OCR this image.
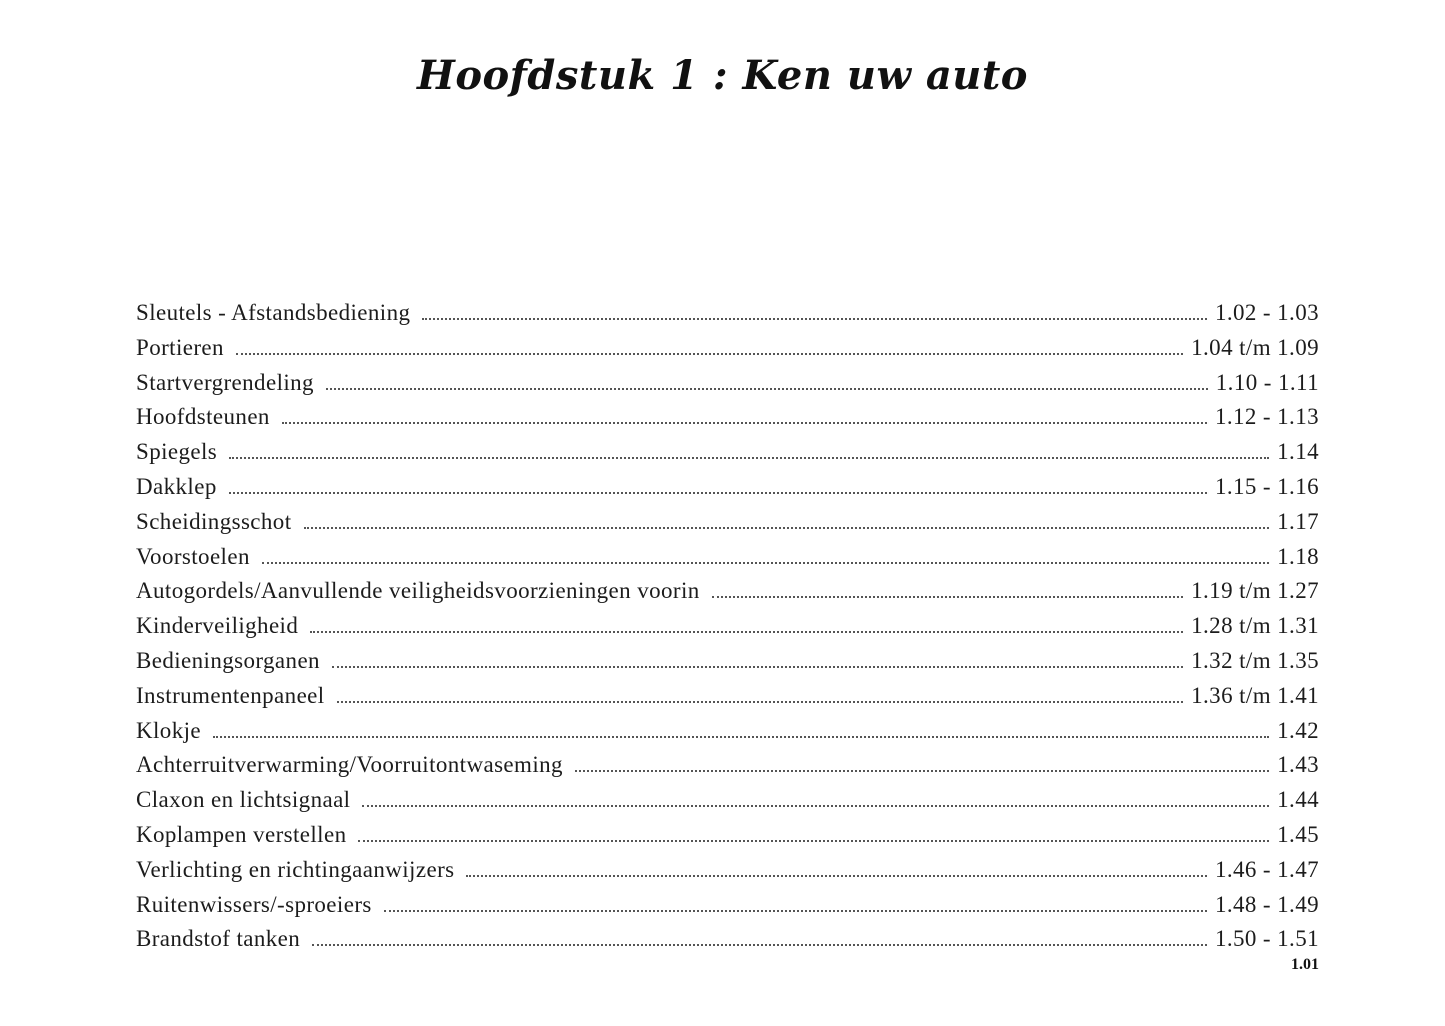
Hoofdstuk 1 : Ken uw auto
Sleutels - Afstandsbediening	1.02 - 1.03
Portieren	1.04 t/m 1.09
Startvergrendeling	1.10 - 1.11
Hoofdsteunen	1.12 - 1.13
Spiegels	1.14
Dakklep	1.15 - 1.16
Scheidingsschot	1.17
Voorstoelen	1.18
Autogordels/Aanvullende veiligheidsvoorzieningen voorin	1.19 t/m 1.27
Kinderveiligheid	1.28 t/m 1.31
Bedieningsorganen	1.32 t/m 1.35
Instrumentenpaneel	1.36 t/m 1.41
Klokje	1.42
Achterruitverwarming/Voorruitontwaseming	1.43
Claxon en lichtsignaal	1.44
Koplampen verstellen	1.45
Verlichting en richtingaanwijzers	1.46 - 1.47
Ruitenwissers/-sproeiers	1.48 - 1.49
Brandstof tanken	1.50 - 1.51
1.01
